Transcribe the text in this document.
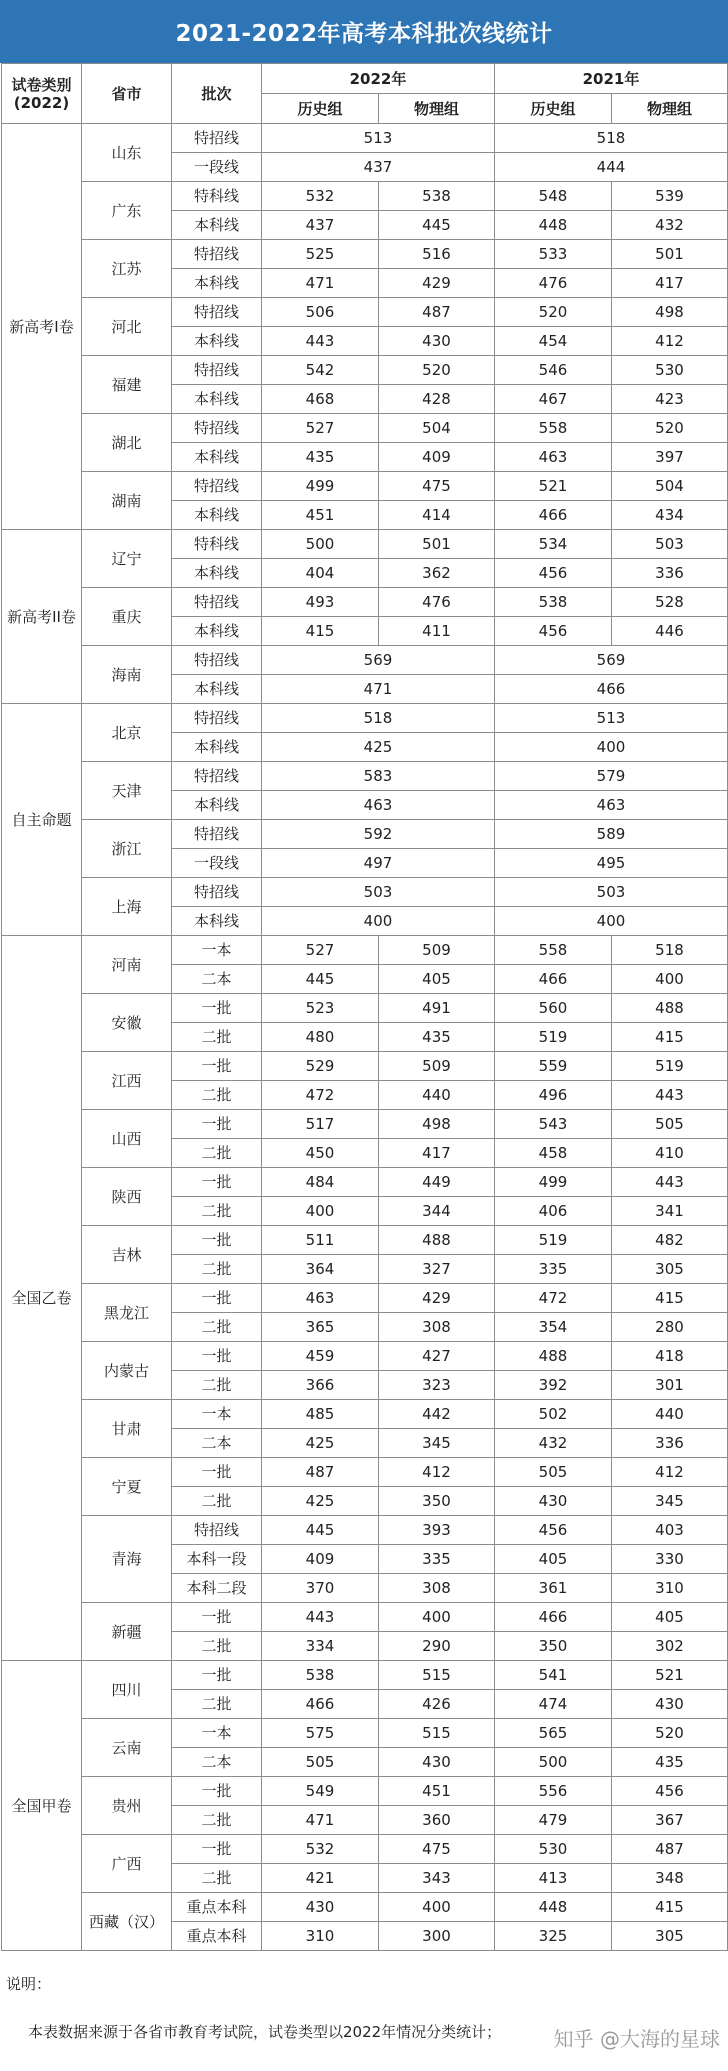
2021-2022年高考本科批次线统计
试卷类别
(2022)	省市	批次	2022年		2021年	
			历史组	物理组	历史组	物理组
新高考I卷	山东	特招线	513		518	
		一段线	437		444	
	广东	特科线	532	538	548	539
		本科线	437	445	448	432
	江苏	特招线	525	516	533	501
		本科线	471	429	476	417
	河北	特招线	506	487	520	498
		本科线	443	430	454	412
	福建	特招线	542	520	546	530
		本科线	468	428	467	423
	湖北	特招线	527	504	558	520
		本科线	435	409	463	397
	湖南	特招线	499	475	521	504
		本科线	451	414	466	434
新高考II卷	辽宁	特科线	500	501	534	503
		本科线	404	362	456	336
	重庆	特招线	493	476	538	528
		本科线	415	411	456	446
	海南	特招线	569		569	
		本科线	471		466	
自主命题	北京	特招线	518		513	
		本科线	425		400	
	天津	特招线	583		579	
		本科线	463		463	
	浙江	特招线	592		589	
		一段线	497		495	
	上海	特招线	503		503	
		本科线	400		400	
全国乙卷	河南	一本	527	509	558	518
		二本	445	405	466	400
	安徽	一批	523	491	560	488
		二批	480	435	519	415
	江西	一批	529	509	559	519
		二批	472	440	496	443
	山西	一批	517	498	543	505
		二批	450	417	458	410
	陕西	一批	484	449	499	443
		二批	400	344	406	341
	吉林	一批	511	488	519	482
		二批	364	327	335	305
	黑龙江	一批	463	429	472	415
		二批	365	308	354	280
	内蒙古	一批	459	427	488	418
		二批	366	323	392	301
	甘肃	一本	485	442	502	440
		二本	425	345	432	336
	宁夏	一批	487	412	505	412
		二批	425	350	430	345
	青海	特招线	445	393	456	403
		本科一段	409	335	405	330
		本科二段	370	308	361	310
	新疆	一批	443	400	466	405
		二批	334	290	350	302
全国甲卷	四川	一批	538	515	541	521
		二批	466	426	474	430
	云南	一本	575	515	565	520
		二本	505	430	500	435
	贵州	一批	549	451	556	456
		二批	471	360	479	367
	广西	一批	532	475	530	487
		二批	421	343	413	348
	西藏（汉）	重点本科	430	400	448	415
		重点本科	310	300	325	305
说明：
本表数据来源于各省市教育考试院，试卷类型以2022年情况分类统计；	知乎 @大海的星球
